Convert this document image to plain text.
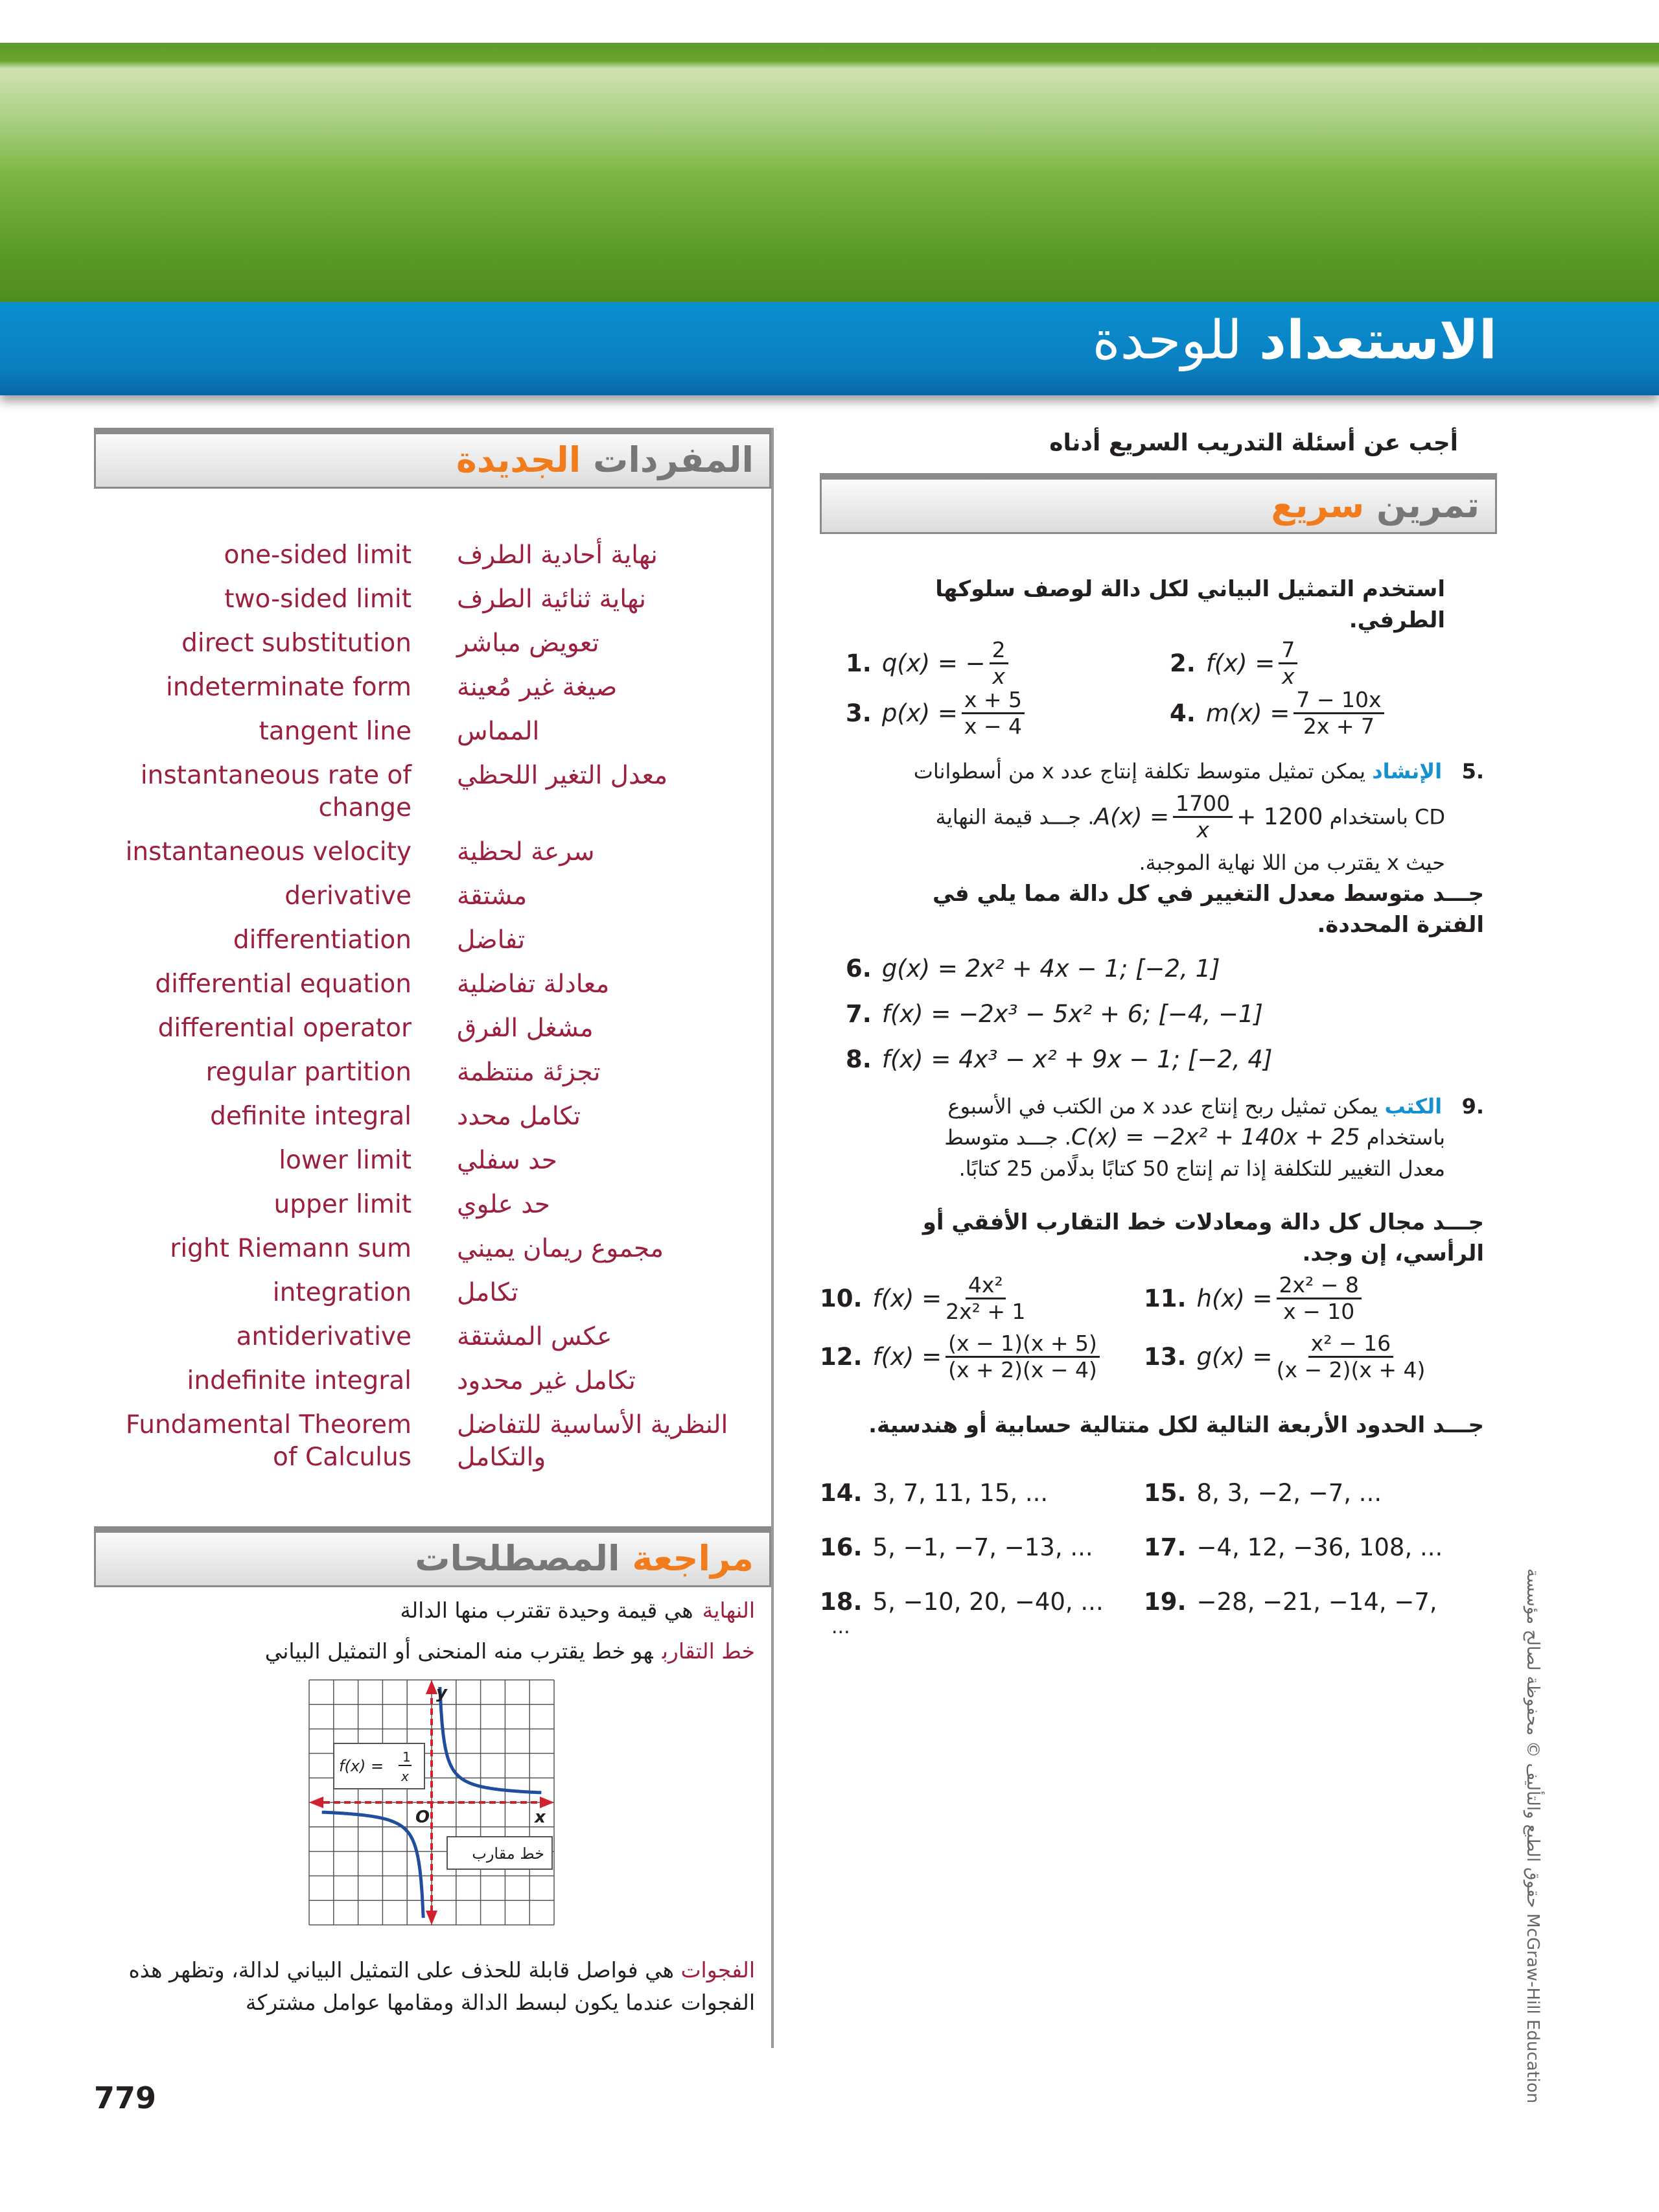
الاستعداد للوحدة
المفردات الجديدة
one-sided limit نهاية أحادية الطرف
two-sided limit نهاية ثنائية الطرف
direct substitution تعويض مباشر
indeterminate form صيغة غير مُعينة
tangent line المماس
instantaneous rate of change
معدل التغير اللحظي
instantaneous velocity سرعة لحظية
derivative مشتقة
differentiation تفاضل
differential equation معادلة تفاضلية
differential operator مشغل الفرق
regular partition تجزئة منتظمة
definite integral تكامل محدد
lower limit حد سفلي
upper limit حد علوي
right Riemann sum مجموع ريمان يميني
integration تكامل
antiderivative عكس المشتقة
indefinite integral تكامل غير محدود
Fundamental Theorem of Calculus
النظرية الأساسية للتفاضل والتكامل
مراجعة المصطلحات
النهايةهي قيمة وحيدة تقترب منها الدالة
خط التقاربهو خط يقترب منه المنحنى أو التمثيل البياني
y
x
O
f(x) = 1
x
خط مقارب
الفجوات هي فواصل قابلة للحذف على التمثيل البياني لدالة، وتظهر هذه الفجوات عندما يكون لبسط الدالة ومقامها عوامل مشتركة
أجب عن أسئلة التدريب السريع أدناه
تمرين سريع
استخدم التمثيل البياني لكل دالة لوصف سلوكها الطرفي.
1. q(x) = − $\frac{2}{x}$	2. $f(x) = \frac{7}{x}$
3. $p(x) = \frac{x + 5}{x - 4}$	4. $m(x) = \frac{7 - 10x}{2x + 7}$
.5   الإنشاد يمكن تمثيل متوسط تكلفة إنتاج عدد x من أسطوانات
CD باستخدام
$A(x) = \frac{1700}{x} + 1200$
. جـــد قيمة النهاية
حيث x يقترب من اللا نهاية الموجبة.
جـــد متوسط معدل التغيير في كل دالة مما يلي في الفترة المحددة.
6. g(x) = 2x² + 4x − 1; [−2, 1]
7. f(x) = −2x³ − 5x² + 6; [−4, −1]
8. f(x) = 4x³ − x² + 9x − 1; [−2, 4]
.9   الكتب يمكن تمثيل ربح إنتاج عدد x من الكتب في الأسبوع
باستخدام C(x) = −2x² + 140x + 25. جـــد متوسط
معدل التغيير للتكلفة إذا تم إنتاج 50 كتابًا بدلًامن 25 كتابًا.
جـــد مجال كل دالة ومعادلات خط التقارب الأفقي أو الرأسي، إن وجد.
10. $f(x) = \frac{\text{4x²}}{\text{2x² + 1}}$	11. $h(x) = \frac{\text{2x² − 8}}{x - 10}$
12. $f(x) = \frac{(x - 1)(x + 5)}{(x + 2)(x - 4)} 13$. $g(x) = \frac{\text{x² − 16}}{(x - 2)(x + 4)}$
جـــد الحدود الأربعة التالية لكل متتالية حسابية أو هندسية.
14. 3, 7, 11, 15, ...	15. 8, 3, −2, −7, ...
16. 5, −1, −7, −13, ... 17. −4, 12, −36, 108, ...
18. 5, −10, 20, −40, ... 19. −28, −21, −14, −7,
...
779
حقوق الطبع والتأليف © محفوظة لصالح مؤسسة McGraw-Hill Education
